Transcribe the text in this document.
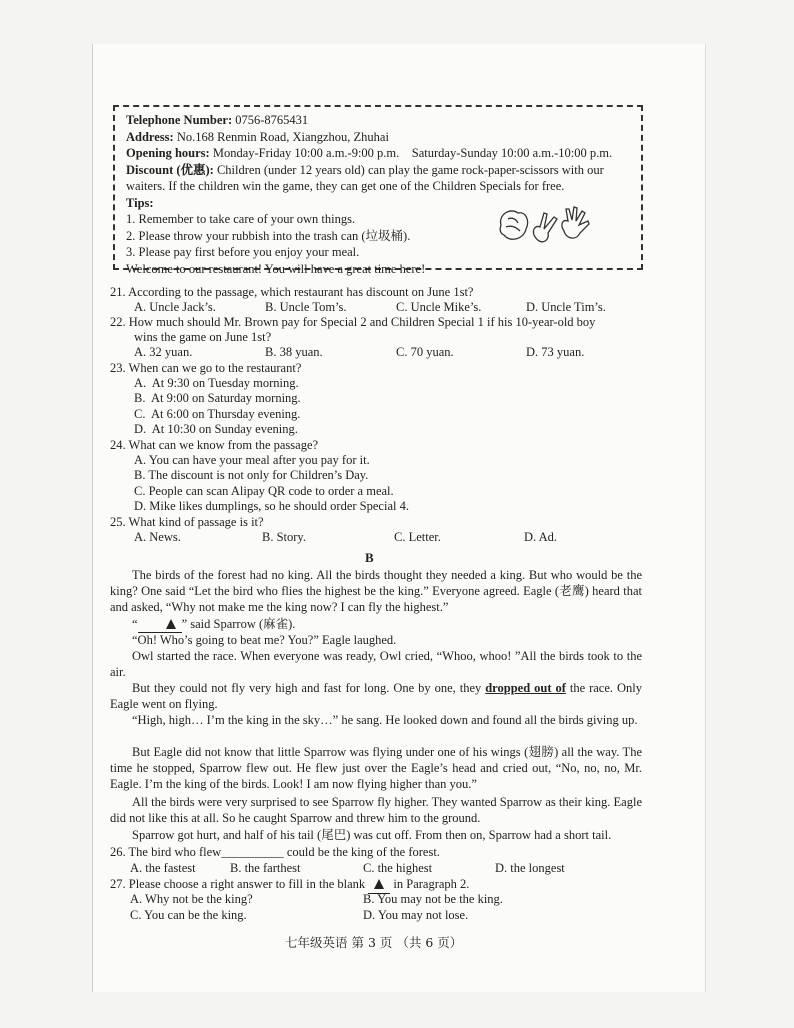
Telephone Number: 0756-8765431
Address: No.168 Renmin Road, Xiangzhou, Zhuhai
Opening hours: Monday-Friday 10:00 a.m.-9:00 p.m.    Saturday-Sunday 10:00 a.m.-10:00 p.m.
Discount (优惠): Children (under 12 years old) can play the game rock-paper-scissors with our
waiters. If the children win the game, they can get one of the Children Specials for free.
Tips:
1. Remember to take care of your own things.
2. Please throw your rubbish into the trash can (垃圾桶).
3. Please pay first before you enjoy your meal.
Welcome to our restaurant! You will have a great time here!
21. According to the passage, which restaurant has discount on June 1st?
A. Uncle Jack’s.	B. Uncle Tom’s.	C. Uncle Mike’s.	D. Uncle Tim’s.
22. How much should Mr. Brown pay for Special 2 and Children Special 1 if his 10-year-old boy
wins the game on June 1st?
A. 32 yuan.	B. 38 yuan.	C. 70 yuan.	D. 73 yuan.
23. When can we go to the restaurant?
A.  At 9:30 on Tuesday morning.
B.  At 9:00 on Saturday morning.
C.  At 6:00 on Thursday evening.
D.  At 10:30 on Sunday evening.
24. What can we know from the passage?
A. You can have your meal after you pay for it.
B. The discount is not only for Children’s Day.
C. People can scan Alipay QR code to order a meal.
D. Mike likes dumplings, so he should order Special 4.
25. What kind of passage is it?
A. News.	B. Story.	C. Letter.	D. Ad.
B
The birds of the forest had no king. All the birds thought they needed a king. But who would be the king? One said “Let the bird who flies the highest be the king.” Everyone agreed. Eagle (老鹰) heard that and asked, “Why not make me the king now? I can fly the highest.”
“	” said Sparrow (麻雀).
“Oh! Who’s going to beat me? You?” Eagle laughed.
Owl started the race. When everyone was ready, Owl cried, “Whoo, whoo! ”All the birds took to the air.
But they could not fly very high and fast for long. One by one, they dropped out of the race. Only Eagle went on flying.
“High, high… I’m the king in the sky…” he sang. He looked down and found all the birds giving up.
But Eagle did not know that little Sparrow was flying under one of his wings (翅膀) all the way. The time he stopped, Sparrow flew out. He flew just over the Eagle’s head and cried out, “No, no, no, Mr. Eagle. I’m the king of the birds. Look! I am now flying higher than you.”
All the birds were very surprised to see Sparrow fly higher. They wanted Sparrow as their king. Eagle did not like this at all. So he caught Sparrow and threw him to the ground.
Sparrow got hurt, and half of his tail (尾巴) was cut off. From then on, Sparrow had a short tail.
26. The bird who flew__________ could be the king of the forest.
A. the fastest	B. the farthest	C. the highest	D. the longest
27. Please choose a right answer to fill in the blank  in Paragraph 2.
A. Why not be the king?	B. You may not be the king.
C. You can be the king.	D. You may not lose.
七年级英语 第 3 页 （共 6 页）
